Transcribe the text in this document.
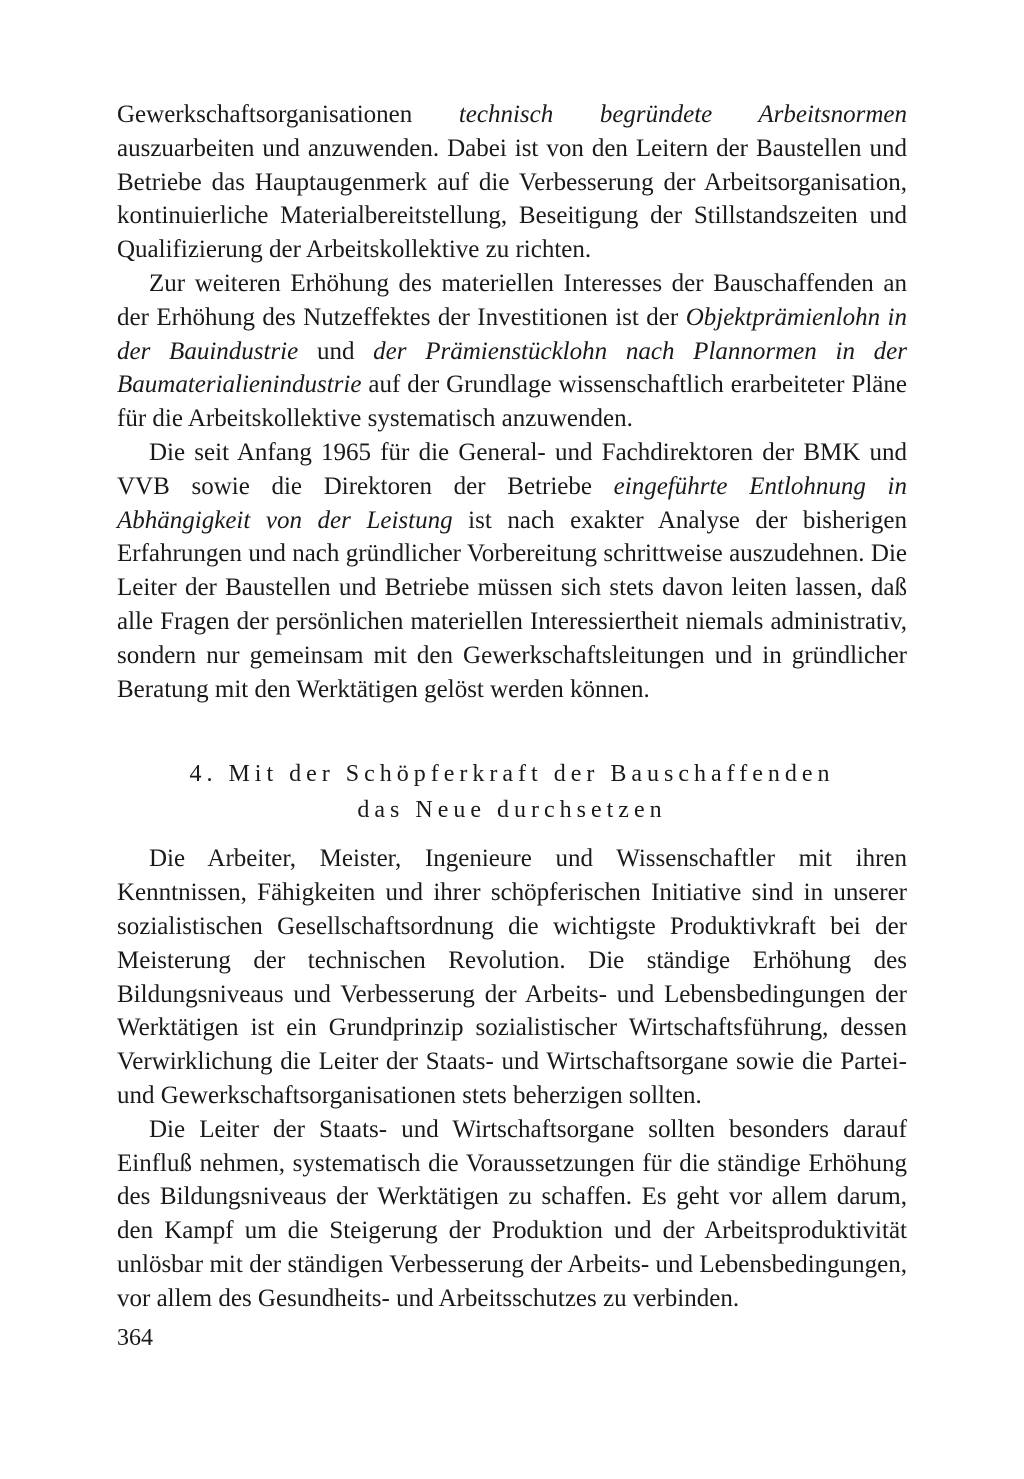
Gewerkschaftsorganisationen technisch begründete Arbeitsnormen auszuarbeiten und anzuwenden. Dabei ist von den Leitern der Baustellen und Betriebe das Hauptaugenmerk auf die Verbesserung der Arbeitsorganisation, kontinuierliche Materialbereitstellung, Beseitigung der Stillstandszeiten und Qualifizierung der Arbeitskollektive zu richten.

Zur weiteren Erhöhung des materiellen Interesses der Bauschaffenden an der Erhöhung des Nutzeffektes der Investitionen ist der Objektprämienlohn in der Bauindustrie und der Prämienstücklohn nach Plannormen in der Baumaterialienindustrie auf der Grundlage wissenschaftlich erarbeiteter Pläne für die Arbeitskollektive systematisch anzuwenden.

Die seit Anfang 1965 für die General- und Fachdirektoren der BMK und VVB sowie die Direktoren der Betriebe eingeführte Entlohnung in Abhängigkeit von der Leistung ist nach exakter Analyse der bisherigen Erfahrungen und nach gründlicher Vorbereitung schrittweise auszudehnen. Die Leiter der Baustellen und Betriebe müssen sich stets davon leiten lassen, daß alle Fragen der persönlichen materiellen Interessiertheit niemals administrativ, sondern nur gemeinsam mit den Gewerkschaftsleitungen und in gründlicher Beratung mit den Werktätigen gelöst werden können.

4. Mit der Schöpferkraft der Bauschaffenden
das Neue durchsetzen

Die Arbeiter, Meister, Ingenieure und Wissenschaftler mit ihren Kenntnissen, Fähigkeiten und ihrer schöpferischen Initiative sind in unserer sozialistischen Gesellschaftsordnung die wichtigste Produktivkraft bei der Meisterung der technischen Revolution. Die ständige Erhöhung des Bildungsniveaus und Verbesserung der Arbeits- und Lebensbedingungen der Werktätigen ist ein Grundprinzip sozialistischer Wirtschaftsführung, dessen Verwirklichung die Leiter der Staats- und Wirtschaftsorgane sowie die Partei- und Gewerkschaftsorganisationen stets beherzigen sollten.

Die Leiter der Staats- und Wirtschaftsorgane sollten besonders darauf Einfluß nehmen, systematisch die Voraussetzungen für die ständige Erhöhung des Bildungsniveaus der Werktätigen zu schaffen. Es geht vor allem darum, den Kampf um die Steigerung der Produktion und der Arbeitsproduktivität unlösbar mit der ständigen Verbesserung der Arbeits- und Lebensbedingungen, vor allem des Gesundheits- und Arbeitsschutzes zu verbinden.

364
